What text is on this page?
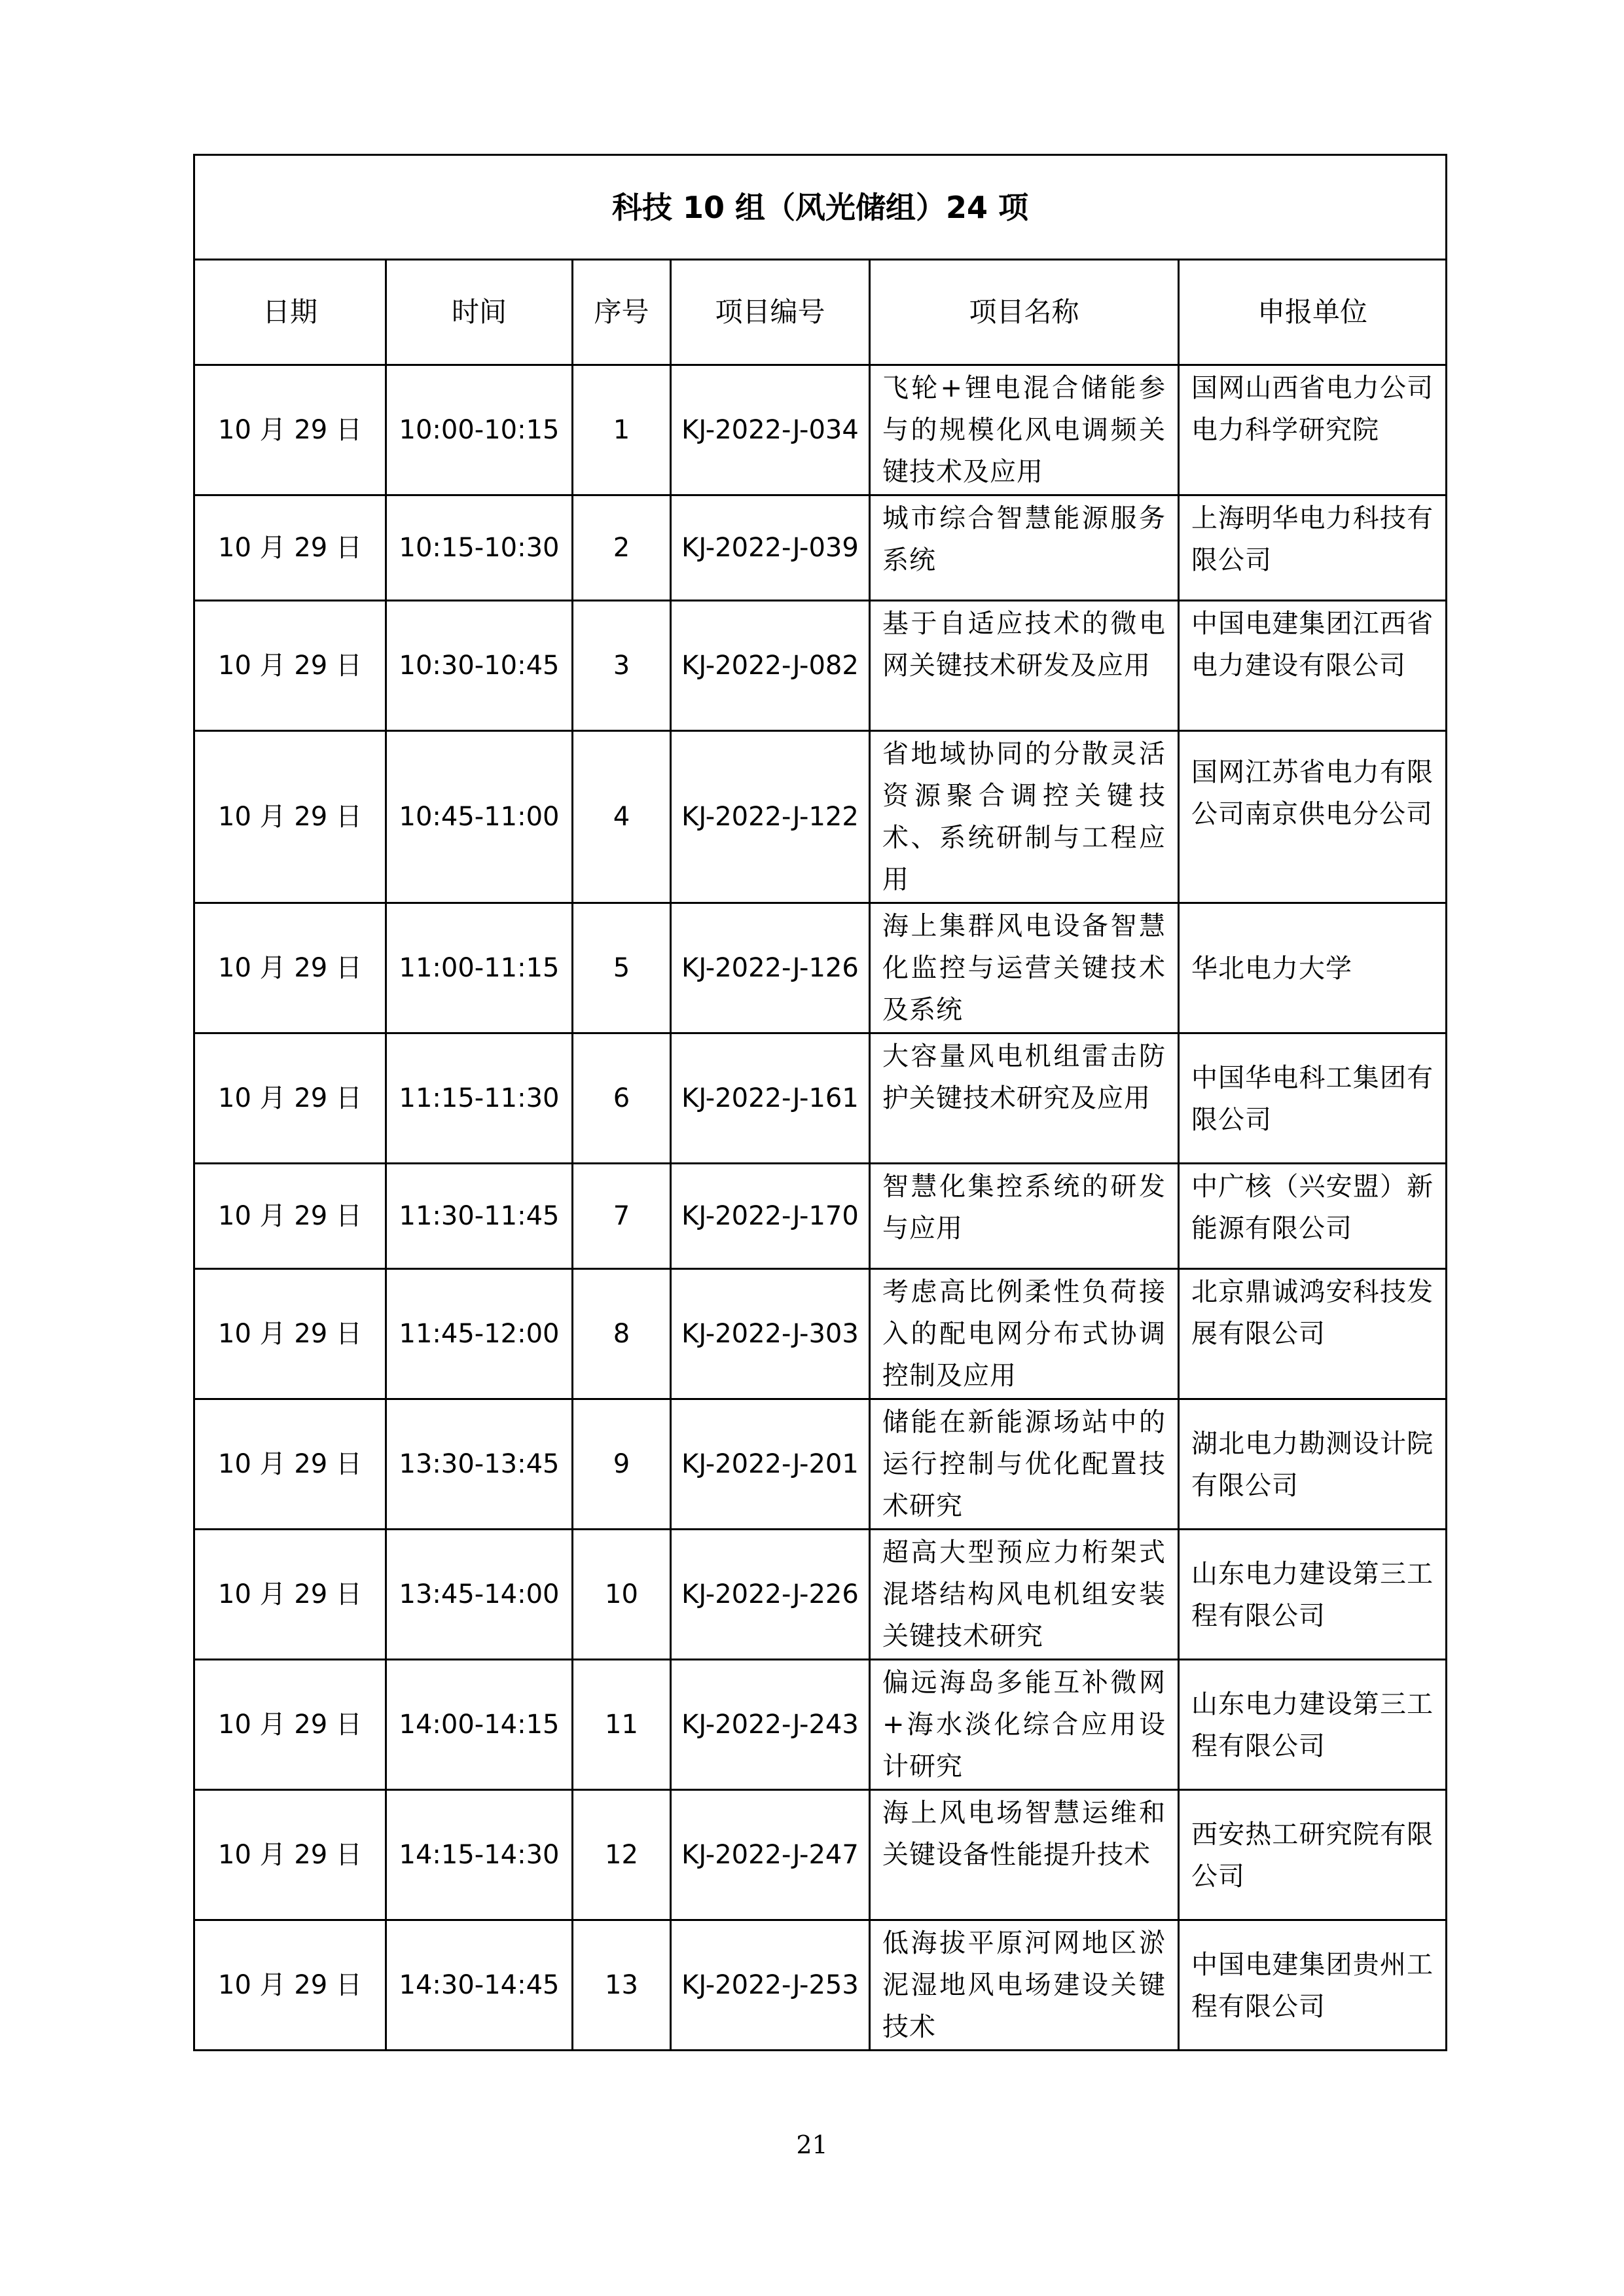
科技 10 组（风光储组）24 项					
日期	时间	序号	项目编号	项目名称	申报单位
10 月 29 日	10:00-10:15	1	KJ-2022-J-034	飞轮+锂电混合储能参与的规模化风电调频关键技术及应用	国网山西省电力公司电力科学研究院
10 月 29 日	10:15-10:30	2	KJ-2022-J-039	城市综合智慧能源服务系统	上海明华电力科技有限公司
10 月 29 日	10:30-10:45	3	KJ-2022-J-082	基于自适应技术的微电网关键技术研发及应用	中国电建集团江西省电力建设有限公司
10 月 29 日	10:45-11:00	4	KJ-2022-J-122	省地域协同的分散灵活资源聚合调控关键技术、系统研制与工程应用	国网江苏省电力有限公司南京供电分公司
10 月 29 日	11:00-11:15	5	KJ-2022-J-126	海上集群风电设备智慧化监控与运营关键技术及系统	华北电力大学
10 月 29 日	11:15-11:30	6	KJ-2022-J-161	大容量风电机组雷击防护关键技术研究及应用	中国华电科工集团有限公司
10 月 29 日	11:30-11:45	7	KJ-2022-J-170	智慧化集控系统的研发与应用	中广核（兴安盟）新能源有限公司
10 月 29 日	11:45-12:00	8	KJ-2022-J-303	考虑高比例柔性负荷接入的配电网分布式协调控制及应用	北京鼎诚鸿安科技发展有限公司
10 月 29 日	13:30-13:45	9	KJ-2022-J-201	储能在新能源场站中的运行控制与优化配置技术研究	湖北电力勘测设计院有限公司
10 月 29 日	13:45-14:00	10	KJ-2022-J-226	超高大型预应力桁架式混塔结构风电机组安装关键技术研究	山东电力建设第三工程有限公司
10 月 29 日	14:00-14:15	11	KJ-2022-J-243	偏远海岛多能互补微网+海水淡化综合应用设计研究	山东电力建设第三工程有限公司
10 月 29 日	14:15-14:30	12	KJ-2022-J-247	海上风电场智慧运维和关键设备性能提升技术	西安热工研究院有限公司
10 月 29 日	14:30-14:45	13	KJ-2022-J-253	低海拔平原河网地区淤泥湿地风电场建设关键技术	中国电建集团贵州工程有限公司
21
